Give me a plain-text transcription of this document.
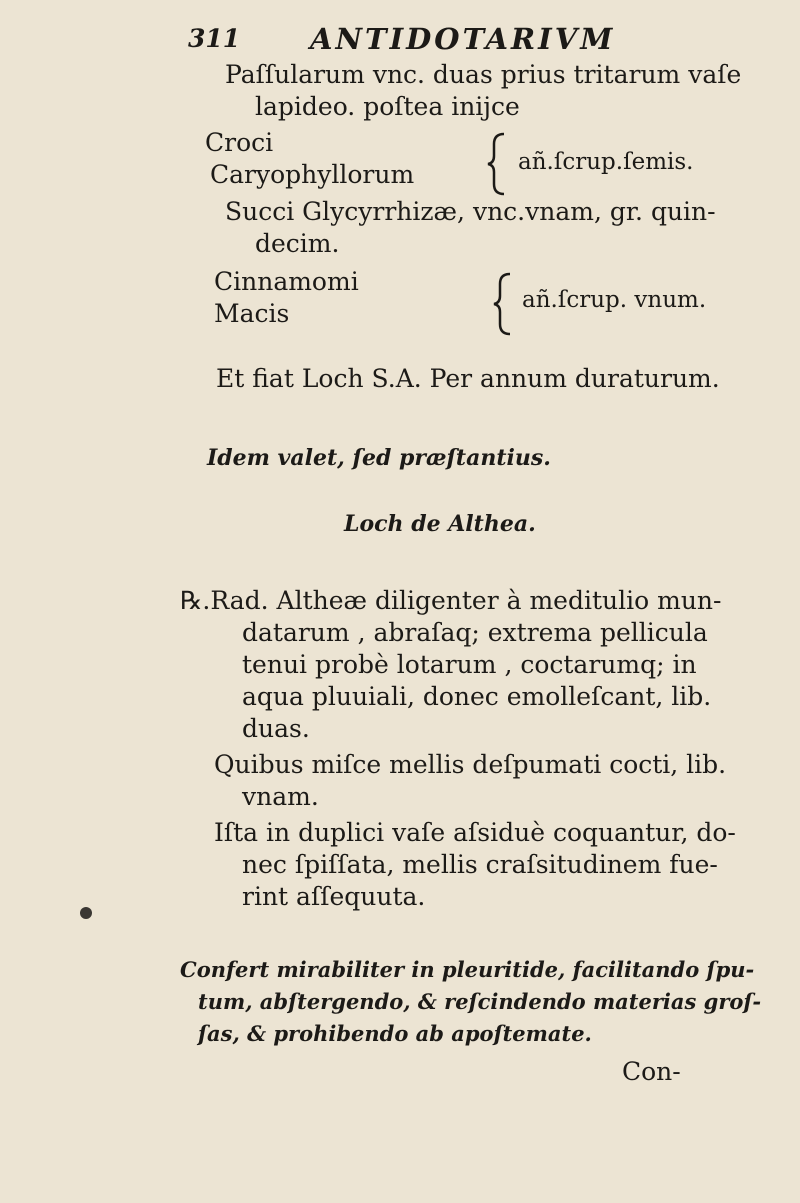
311 ANTIDOTARIVM
Paſſularum vnc. duas prius tritarum vaſe
lapideo. poſtea inijce
Croci
Caryophyllorum	añ.ſcrup.ſemis.
Succi Glycyrrhizæ, vnc.vnam, gr. quin-
decim.
Cinnamomi
Macis	añ.ſcrup. vnum.
Et fiat Loch S.A. Per annum duraturum.
Idem valet, ſed præſtantius.
Loch de Althea.
℞.Rad. Altheæ diligenter à meditulio mun-
datarum , abraſaq; extrema pellicula
tenui probè lotarum , coctarumq; in
aqua pluuiali, donec emolleſcant, lib.
duas.
Quibus miſce mellis deſpumati cocti, lib.
vnam.
Iſta in duplici vaſe aſsiduè coquantur, do-
nec ſpiſſata, mellis craſsitudinem fue-
rint aſſequuta.
Confert mirabiliter in pleuritide, facilitando ſpu-
tum, abſtergendo, & reſcindendo materias groſ-
ſas, & prohibendo ab apoſtemate.
Con-
